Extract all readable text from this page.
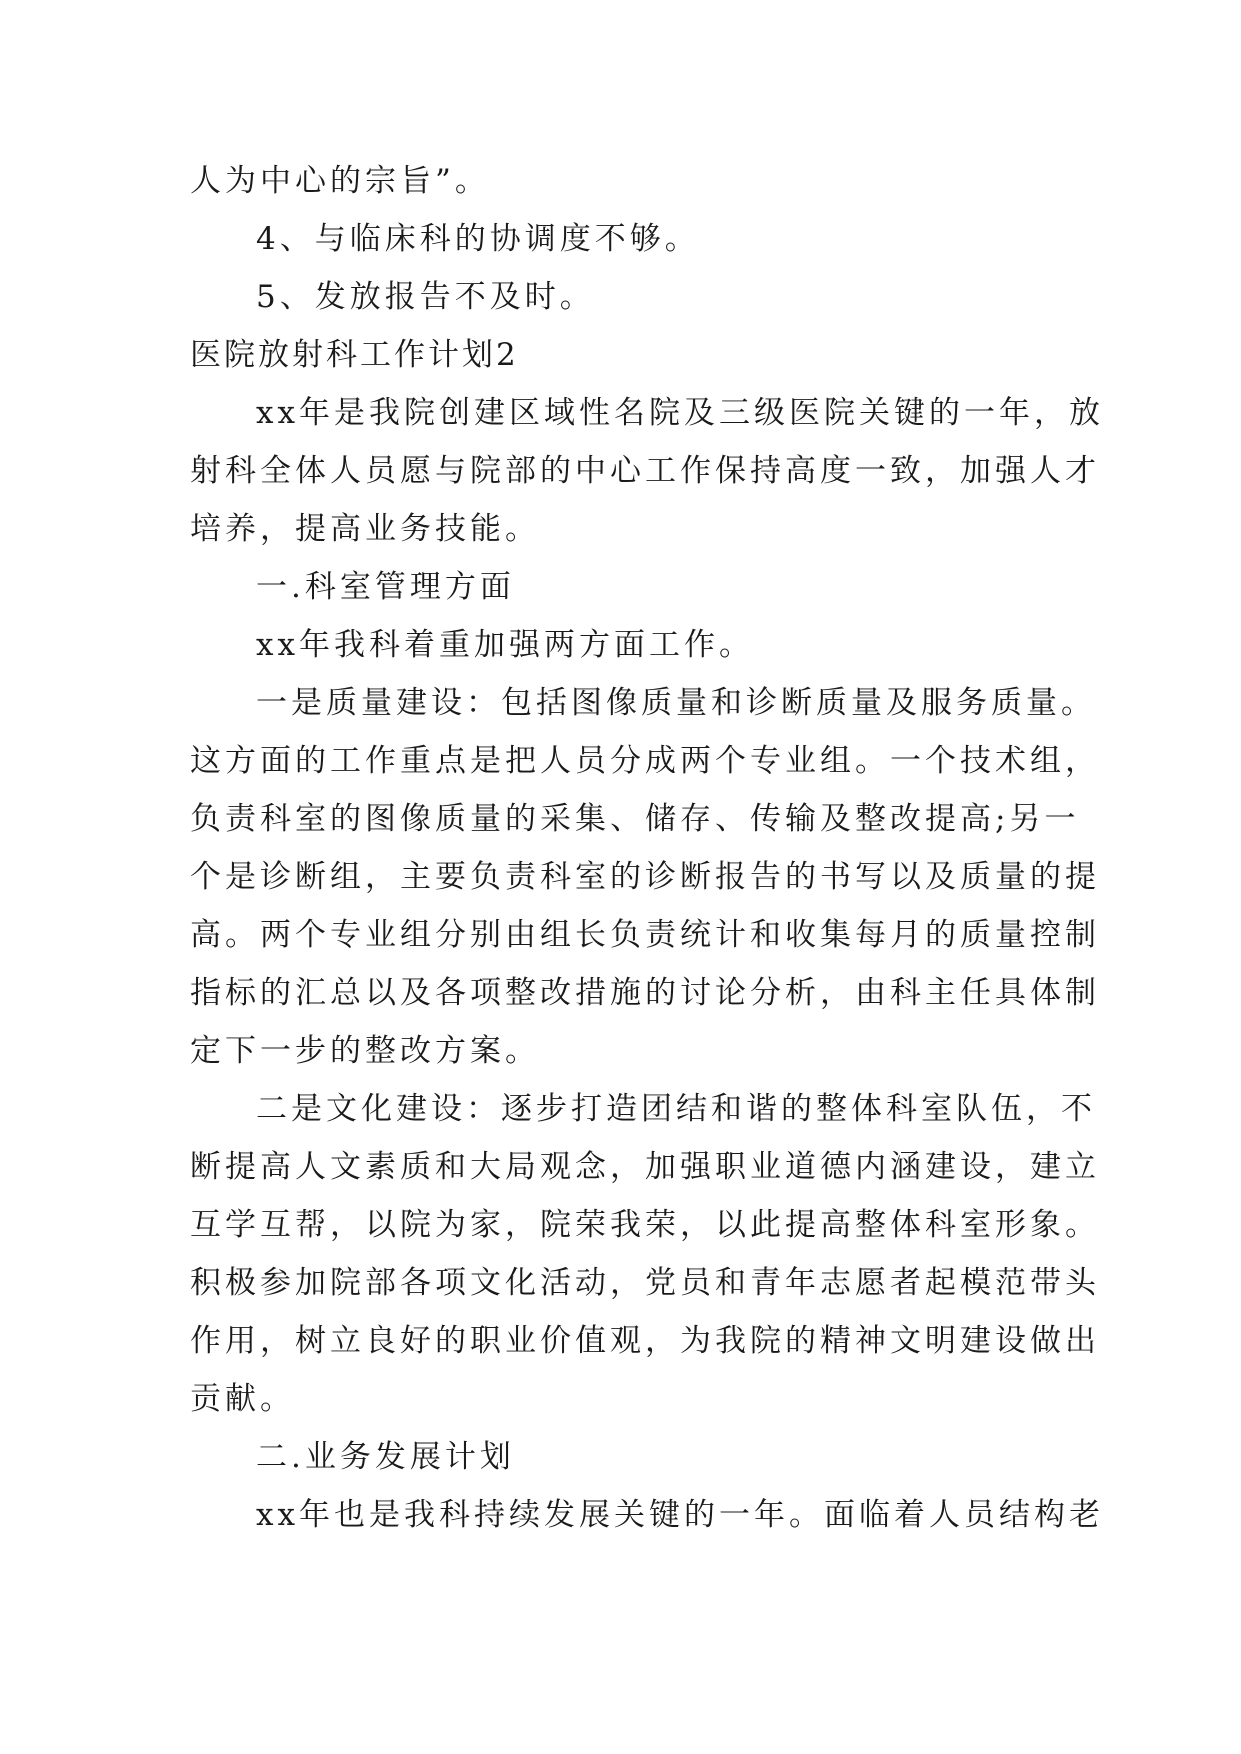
人为中心的宗旨”。
4、与临床科的协调度不够。
5、发放报告不及时。
医院放射科工作计划2
xx年是我院创建区域性名院及三级医院关键的一年，放
射科全体人员愿与院部的中心工作保持高度一致，加强人才
培养，提高业务技能。
一.科室管理方面
xx年我科着重加强两方面工作。
一是质量建设：包括图像质量和诊断质量及服务质量。
这方面的工作重点是把人员分成两个专业组。一个技术组，
负责科室的图像质量的采集、储存、传输及整改提高;另一
个是诊断组，主要负责科室的诊断报告的书写以及质量的提
高。两个专业组分别由组长负责统计和收集每月的质量控制
指标的汇总以及各项整改措施的讨论分析，由科主任具体制
定下一步的整改方案。
二是文化建设：逐步打造团结和谐的整体科室队伍，不
断提高人文素质和大局观念，加强职业道德内涵建设，建立
互学互帮，以院为家，院荣我荣，以此提高整体科室形象。
积极参加院部各项文化活动，党员和青年志愿者起模范带头
作用，树立良好的职业价值观，为我院的精神文明建设做出
贡献。
二.业务发展计划
xx年也是我科持续发展关键的一年。面临着人员结构老
